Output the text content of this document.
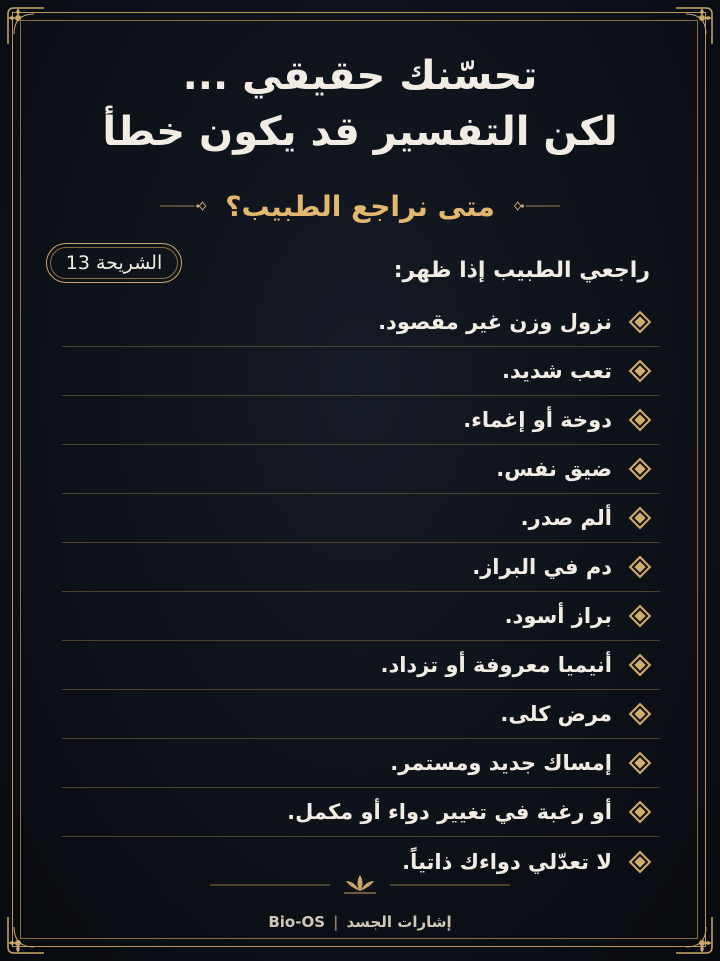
تحسّنك حقيقي ...
لكن التفسير قد يكون خطأ
متى نراجع الطبيب؟
الشريحة 13	راجعي الطبيب إذا ظهر:
نزول وزن غير مقصود.
تعب شديد.
دوخة أو إغماء.
ضيق نفس.
ألم صدر.
دم في البراز.
براز أسود.
أنيميا معروفة أو تزداد.
مرض كلى.
إمساك جديد ومستمر.
أو رغبة في تغيير دواء أو مكمل.
لا تعدّلي دواءك ذاتياً.
Bio-OS | إشارات الجسد
